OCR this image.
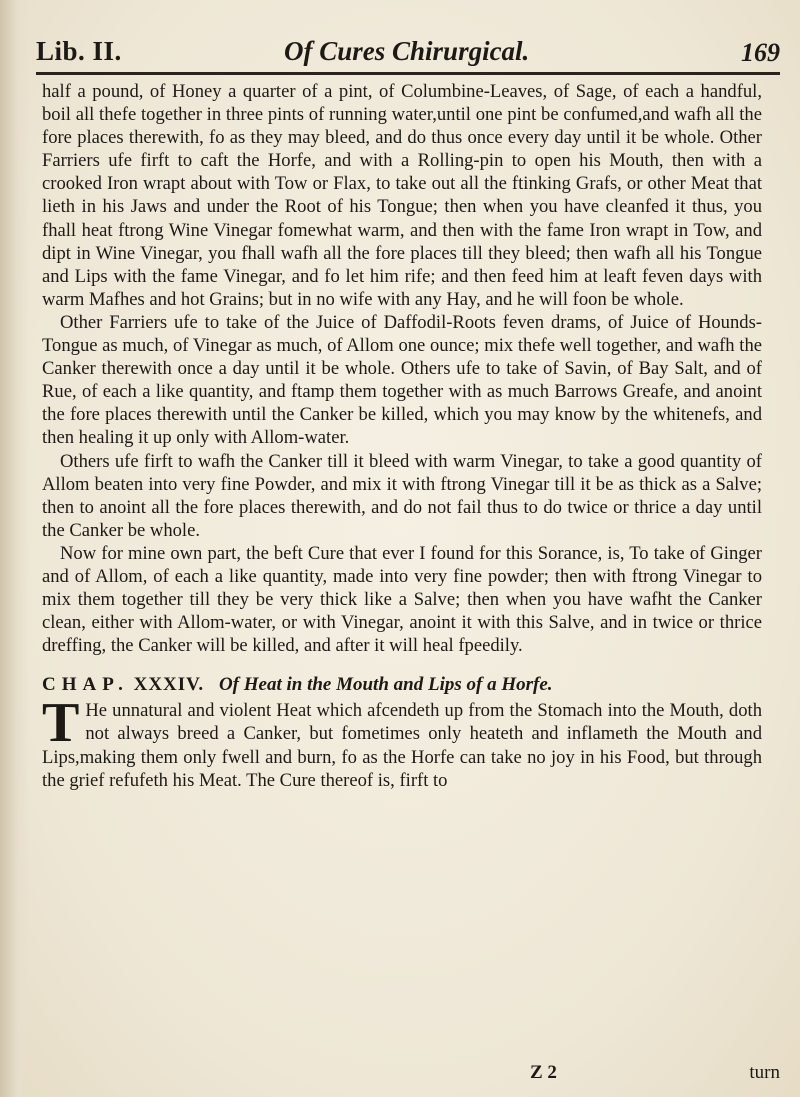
Lib. II.	Of Cures Chirurgical.	169

half a pound, of Honey a quarter of a pint, of Columbine-Leaves, of Sage, of each a handful, boil all thefe together in three pints of running water,until one pint be confumed,and wafh all the fore places therewith, fo as they may bleed, and do thus once every day until it be whole. Other Farriers ufe firft to caft the Horfe, and with a Rolling-pin to open his Mouth, then with a crooked Iron wrapt about with Tow or Flax, to take out all the ftinking Grafs, or other Meat that lieth in his Jaws and under the Root of his Tongue; then when you have cleanfed it thus, you fhall heat ftrong Wine Vinegar fomewhat warm, and then with the fame Iron wrapt in Tow, and dipt in Wine Vinegar, you fhall wafh all the fore places till they bleed; then wafh all his Tongue and Lips with the fame Vinegar, and fo let him rife; and then feed him at leaft feven days with warm Mafhes and hot Grains; but in no wife with any Hay, and he will foon be whole.

Other Farriers ufe to take of the Juice of Daffodil-Roots feven drams, of Juice of Hounds-Tongue as much, of Vinegar as much, of Allom one ounce; mix thefe well together, and wafh the Canker therewith once a day until it be whole. Others ufe to take of Savin, of Bay Salt, and of Rue, of each a like quantity, and ftamp them together with as much Barrows Greafe, and anoint the fore places therewith until the Canker be killed, which you may know by the whitenefs, and then healing it up only with Allom-water.

Others ufe firft to wafh the Canker till it bleed with warm Vinegar, to take a good quantity of Allom beaten into very fine Powder, and mix it with ftrong Vinegar till it be as thick as a Salve; then to anoint all the fore places therewith, and do not fail thus to do twice or thrice a day until the Canker be whole.

Now for mine own part, the beft Cure that ever I found for this Sorance, is, To take of Ginger and of Allom, of each a like quantity, made into very fine powder; then with ftrong Vinegar to mix them together till they be very thick like a Salve; then when you have wafht the Canker clean, either with Allom-water, or with Vinegar, anoint it with this Salve, and in twice or thrice dreffing, the Canker will be killed, and after it will heal fpeedily.

CHAP. XXXIV. Of Heat in the Mouth and Lips of a Horfe.

T He unnatural and violent Heat which afcendeth up from the Stomach into the Mouth, doth not always breed a Canker, but fometimes only heateth and inflameth the Mouth and Lips,making them only fwell and burn, fo as the Horfe can take no joy in his Food, but through the grief refufeth his Meat. The Cure thereof is, firft to

Z 2	turn
